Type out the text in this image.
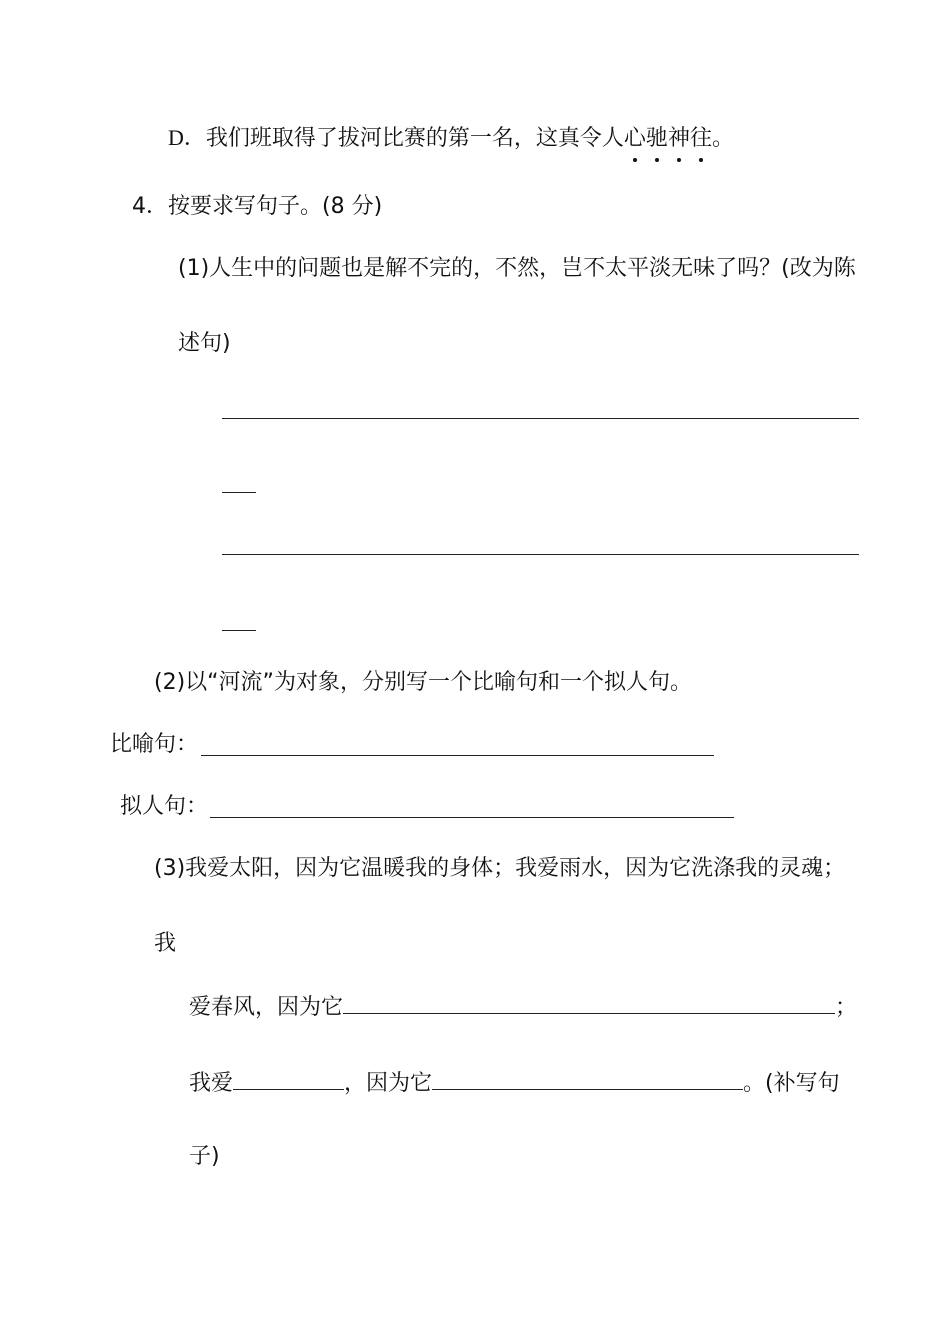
D．我们班取得了拔河比赛的第一名，这真令人心驰神往。
4．按要求写句子。(8 分)
(1)人生中的问题也是解不完的，不然，岂不太平淡无味了吗？(改为陈
述句)
(2)以“河流”为对象，分别写一个比喻句和一个拟人句。
比喻句：
拟人句：
(3)我爱太阳，因为它温暖我的身体；我爱雨水，因为它洗涤我的灵魂；
我
爱春风，因为它	；
我爱	，因为它	。(补写句
子)
